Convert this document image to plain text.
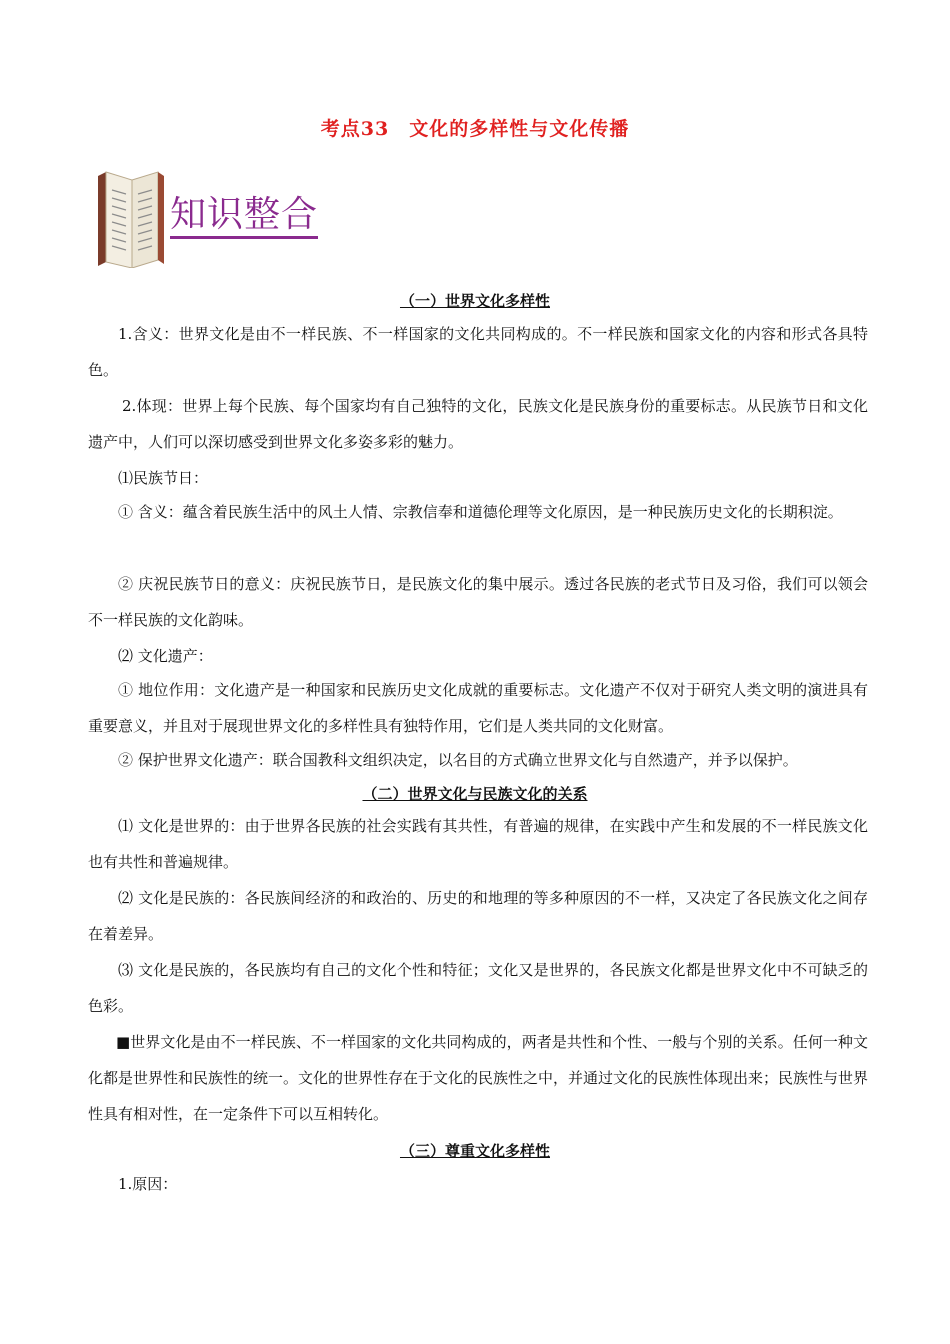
考点33　文化的多样性与文化传播
知识整合
（一）世界文化多样性
1.含义：世界文化是由不一样民族、不一样国家的文化共同构成的。不一样民族和国家文化的内容和形式各具特色。
2.体现：世界上每个民族、每个国家均有自己独特的文化，民族文化是民族身份的重要标志。从民族节日和文化遗产中，人们可以深切感受到世界文化多姿多彩的魅力。
⑴民族节日：
① 含义：蕴含着民族生活中的风土人情、宗教信奉和道德伦理等文化原因，是一种民族历史文化的长期积淀。
② 庆祝民族节日的意义：庆祝民族节日，是民族文化的集中展示。透过各民族的老式节日及习俗，我们可以领会不一样民族的文化韵味。
⑵ 文化遗产：
① 地位作用：文化遗产是一种国家和民族历史文化成就的重要标志。文化遗产不仅对于研究人类文明的演进具有重要意义，并且对于展现世界文化的多样性具有独特作用，它们是人类共同的文化财富。
② 保护世界文化遗产：联合国教科文组织决定，以名目的方式确立世界文化与自然遗产，并予以保护。
（二）世界文化与民族文化的关系
⑴ 文化是世界的：由于世界各民族的社会实践有其共性，有普遍的规律，在实践中产生和发展的不一样民族文化也有共性和普遍规律。
⑵ 文化是民族的：各民族间经济的和政治的、历史的和地理的等多种原因的不一样，又决定了各民族文化之间存在着差异。
⑶ 文化是民族的，各民族均有自己的文化个性和特征；文化又是世界的，各民族文化都是世界文化中不可缺乏的色彩。
■世界文化是由不一样民族、不一样国家的文化共同构成的，两者是共性和个性、一般与个别的关系。任何一种文化都是世界性和民族性的统一。文化的世界性存在于文化的民族性之中，并通过文化的民族性体现出来；民族性与世界性具有相对性，在一定条件下可以互相转化。
（三）尊重文化多样性
1.原因：
